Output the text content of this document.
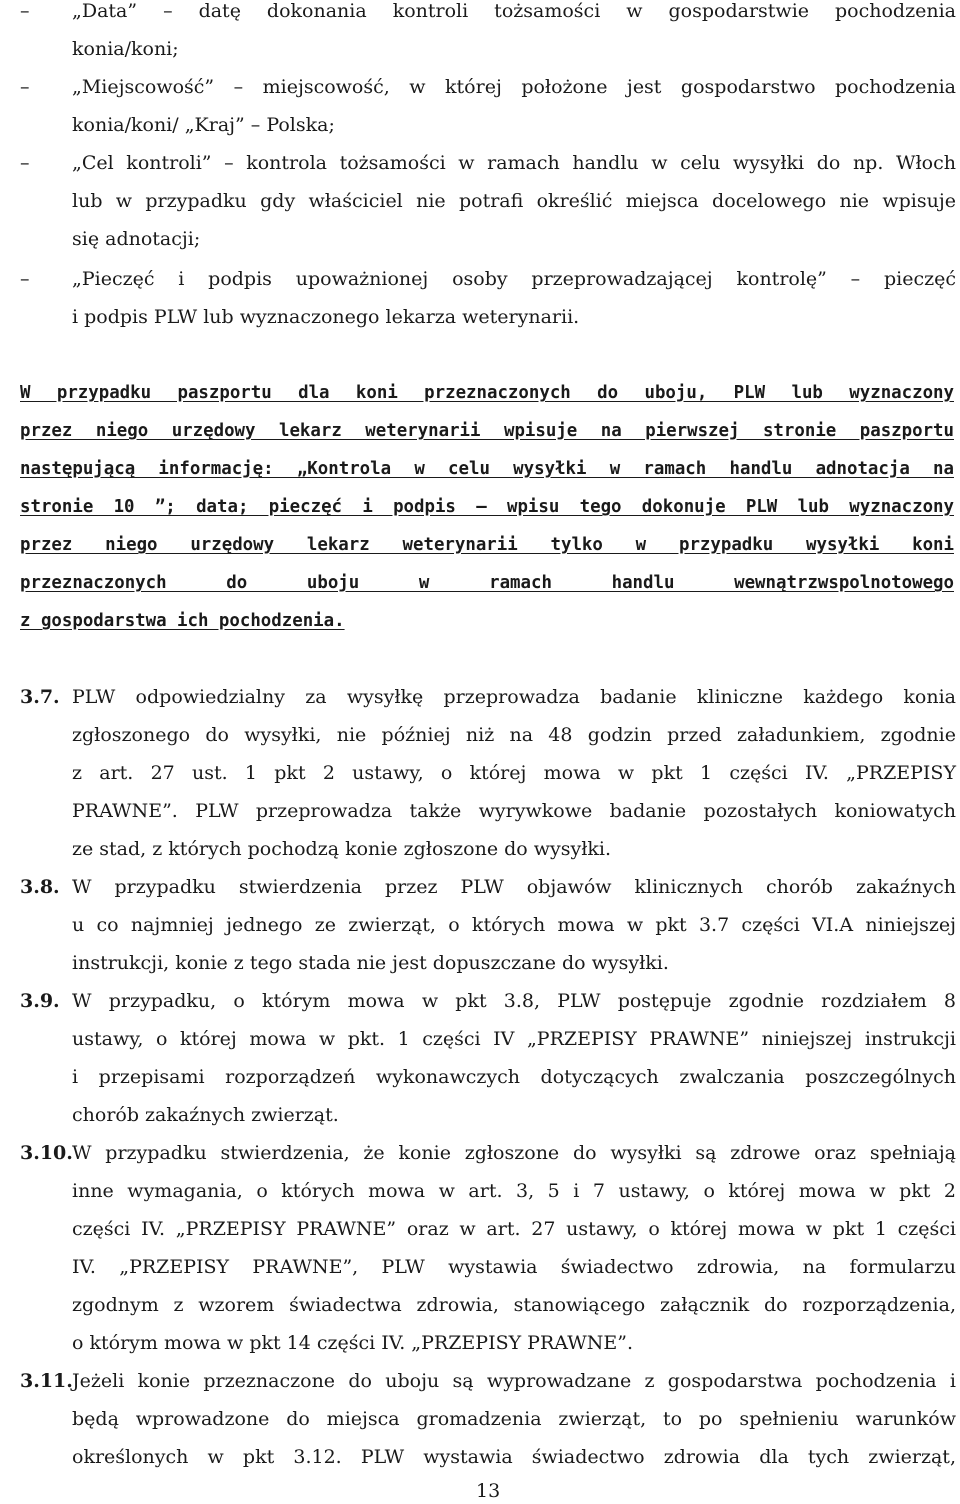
– „Data” – datę dokonania kontroli tożsamości w gospodarstwie pochodzenia
konia/koni;
– „Miejscowość” – miejscowość, w której położone jest gospodarstwo pochodzenia
konia/koni/ „Kraj” – Polska;
– „Cel kontroli” – kontrola tożsamości w ramach handlu w celu wysyłki do np. Włoch
lub w przypadku gdy właściciel nie potrafi określić miejsca docelowego nie wpisuje
się adnotacji;
– „Pieczęć i podpis upoważnionej osoby przeprowadzającej kontrolę” – pieczęć
i podpis PLW lub wyznaczonego lekarza weterynarii.
W przypadku paszportu dla koni przeznaczonych do uboju, PLW lub wyznaczony
przez niego urzędowy lekarz weterynarii wpisuje na pierwszej stronie paszportu
następującą informację: „Kontrola w celu wysyłki w ramach handlu adnotacja na
stronie 10 ”; data; pieczęć i podpis – wpisu tego dokonuje PLW lub wyznaczony
przez niego urzędowy lekarz weterynarii tylko w przypadku wysyłki koni
przeznaczonych do uboju w ramach handlu wewnątrzwspolnotowego
z gospodarstwa ich pochodzenia.
3.7. PLW odpowiedzialny za wysyłkę przeprowadza badanie kliniczne każdego konia
zgłoszonego do wysyłki, nie później niż na 48 godzin przed załadunkiem, zgodnie
z art. 27 ust. 1 pkt 2 ustawy, o której mowa w pkt 1 części IV. „PRZEPISY
PRAWNE”. PLW przeprowadza także wyrywkowe badanie pozostałych koniowatych
ze stad, z których pochodzą konie zgłoszone do wysyłki.
3.8. W przypadku stwierdzenia przez PLW objawów klinicznych chorób zakaźnych
u co najmniej jednego ze zwierząt, o których mowa w pkt 3.7 części VI.A niniejszej
instrukcji, konie z tego stada nie jest dopuszczane do wysyłki.
3.9. W przypadku, o którym mowa w pkt 3.8, PLW postępuje zgodnie rozdziałem 8
ustawy, o której mowa w pkt. 1 części IV „PRZEPISY PRAWNE” niniejszej instrukcji
i przepisami rozporządzeń wykonawczych dotyczących zwalczania poszczególnych
chorób zakaźnych zwierząt.
3.10. W przypadku stwierdzenia, że konie zgłoszone do wysyłki są zdrowe oraz spełniają
inne wymagania, o których mowa w art. 3, 5 i 7 ustawy, o której mowa w pkt 2
części IV. „PRZEPISY PRAWNE” oraz w art. 27 ustawy, o której mowa w pkt 1 części
IV. „PRZEPISY PRAWNE”, PLW wystawia świadectwo zdrowia, na formularzu
zgodnym z wzorem świadectwa zdrowia, stanowiącego załącznik do rozporządzenia,
o którym mowa w pkt 14 części IV. „PRZEPISY PRAWNE”.
3.11. Jeżeli konie przeznaczone do uboju są wyprowadzane z gospodarstwa pochodzenia i
będą wprowadzone do miejsca gromadzenia zwierząt, to po spełnieniu warunków
określonych w pkt 3.12. PLW wystawia świadectwo zdrowia dla tych zwierząt,
13
